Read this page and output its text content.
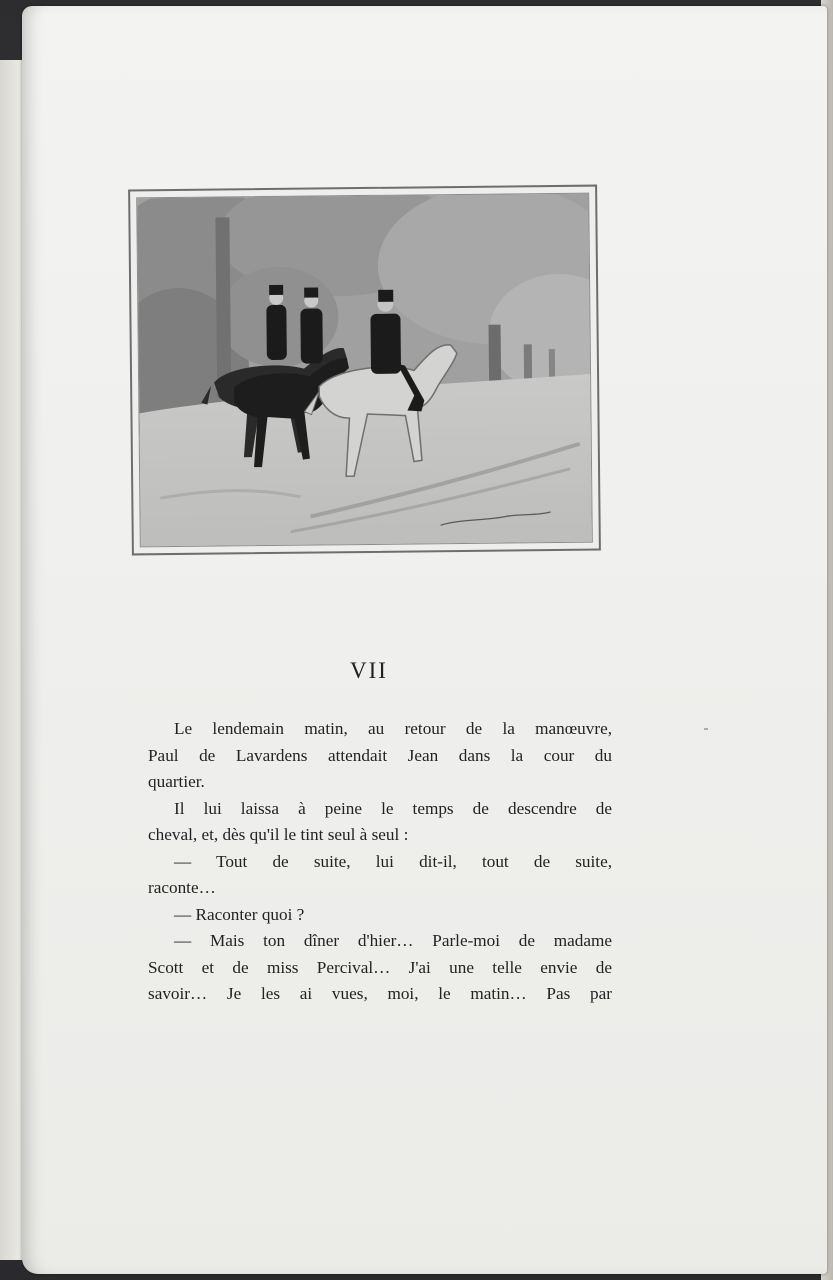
VII
Le lendemain matin, au retour de la manœuvre,
Paul de Lavardens attendait Jean dans la cour du
quartier.
Il lui laissa à peine le temps de descendre de
cheval, et, dès qu'il le tint seul à seul :
— Tout de suite, lui dit-il, tout de suite,
raconte…
— Raconter quoi ?
— Mais ton dîner d'hier… Parle-moi de madame
Scott et de miss Percival… J'ai une telle envie de
savoir… Je les ai vues, moi, le matin… Pas par
